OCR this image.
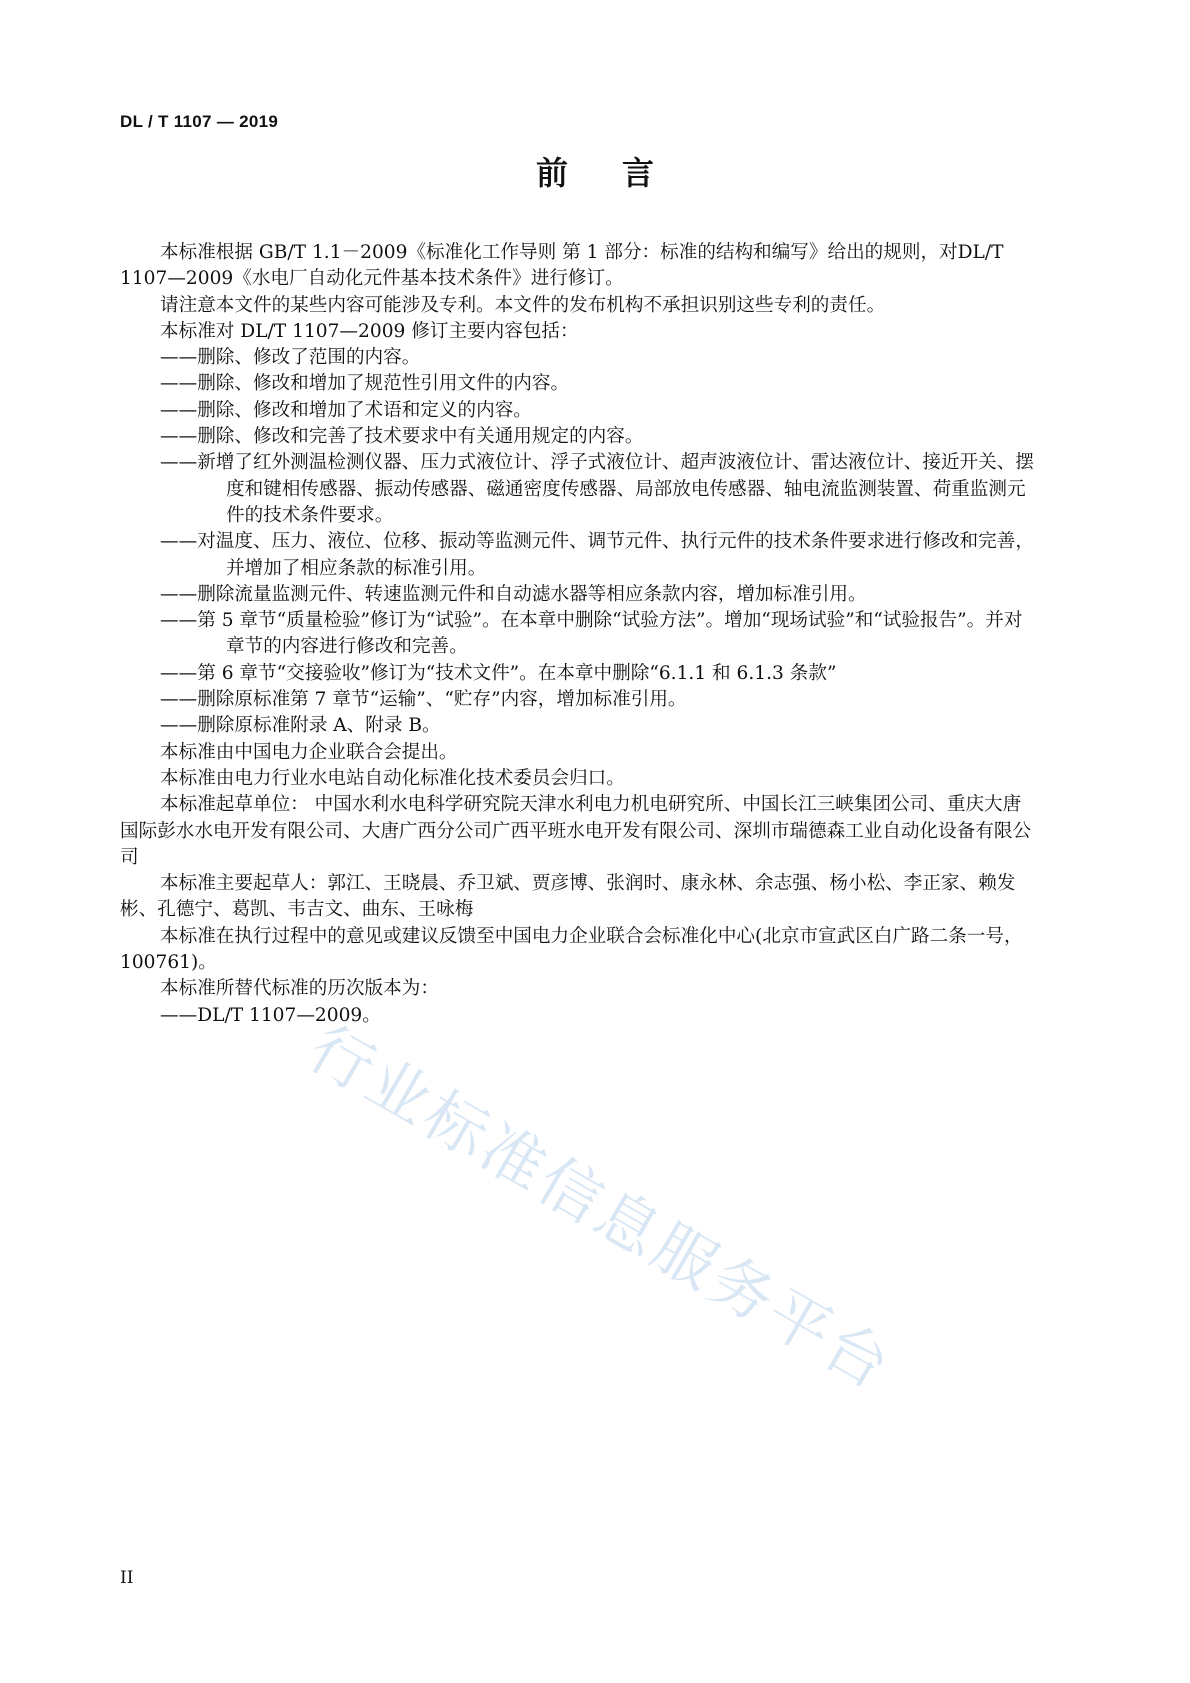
DL / T 1107 — 2019
前言

本标准根据 GB/T 1.1－2009《标准化工作导则 第 1 部分：标准的结构和编写》给出的规则，对DL/T 1107—2009《水电厂自动化元件基本技术条件》进行修订。

请注意本文件的某些内容可能涉及专利。本文件的发布机构不承担识别这些专利的责任。

本标准对 DL/T 1107—2009 修订主要内容包括：

——删除、修改了范围的内容。

——删除、修改和增加了规范性引用文件的内容。

——删除、修改和增加了术语和定义的内容。

——删除、修改和完善了技术要求中有关通用规定的内容。

——新增了红外测温检测仪器、压力式液位计、浮子式液位计、超声波液位计、雷达液位计、接近开关、摆度和键相传感器、振动传感器、磁通密度传感器、局部放电传感器、轴电流监测装置、荷重监测元件的技术条件要求。

——对温度、压力、液位、位移、振动等监测元件、调节元件、执行元件的技术条件要求进行修改和完善，并增加了相应条款的标准引用。

——删除流量监测元件、转速监测元件和自动滤水器等相应条款内容，增加标准引用。

——第 5 章节“质量检验”修订为“试验”。在本章中删除“试验方法”。增加“现场试验”和“试验报告”。并对章节的内容进行修改和完善。

——第 6 章节“交接验收”修订为“技术文件”。在本章中删除“6.1.1 和 6.1.3 条款”

——删除原标准第 7 章节“运输”、“贮存”内容，增加标准引用。

——删除原标准附录 A、附录 B。

本标准由中国电力企业联合会提出。

本标准由电力行业水电站自动化标准化技术委员会归口。

本标准起草单位： 中国水利水电科学研究院天津水利电力机电研究所、中国长江三峡集团公司、重庆大唐国际彭水水电开发有限公司、大唐广西分公司广西平班水电开发有限公司、深圳市瑞德森工业自动化设备有限公司

本标准主要起草人：郭江、王晓晨、乔卫斌、贾彦博、张润时、康永林、余志强、杨小松、李正家、赖发彬、孔德宁、葛凯、韦吉文、曲东、王咏梅

本标准在执行过程中的意见或建议反馈至中国电力企业联合会标准化中心(北京市宣武区白广路二条一号，100761)。

本标准所替代标准的历次版本为：

——DL/T 1107—2009。

行业标准信息服务平台
II
